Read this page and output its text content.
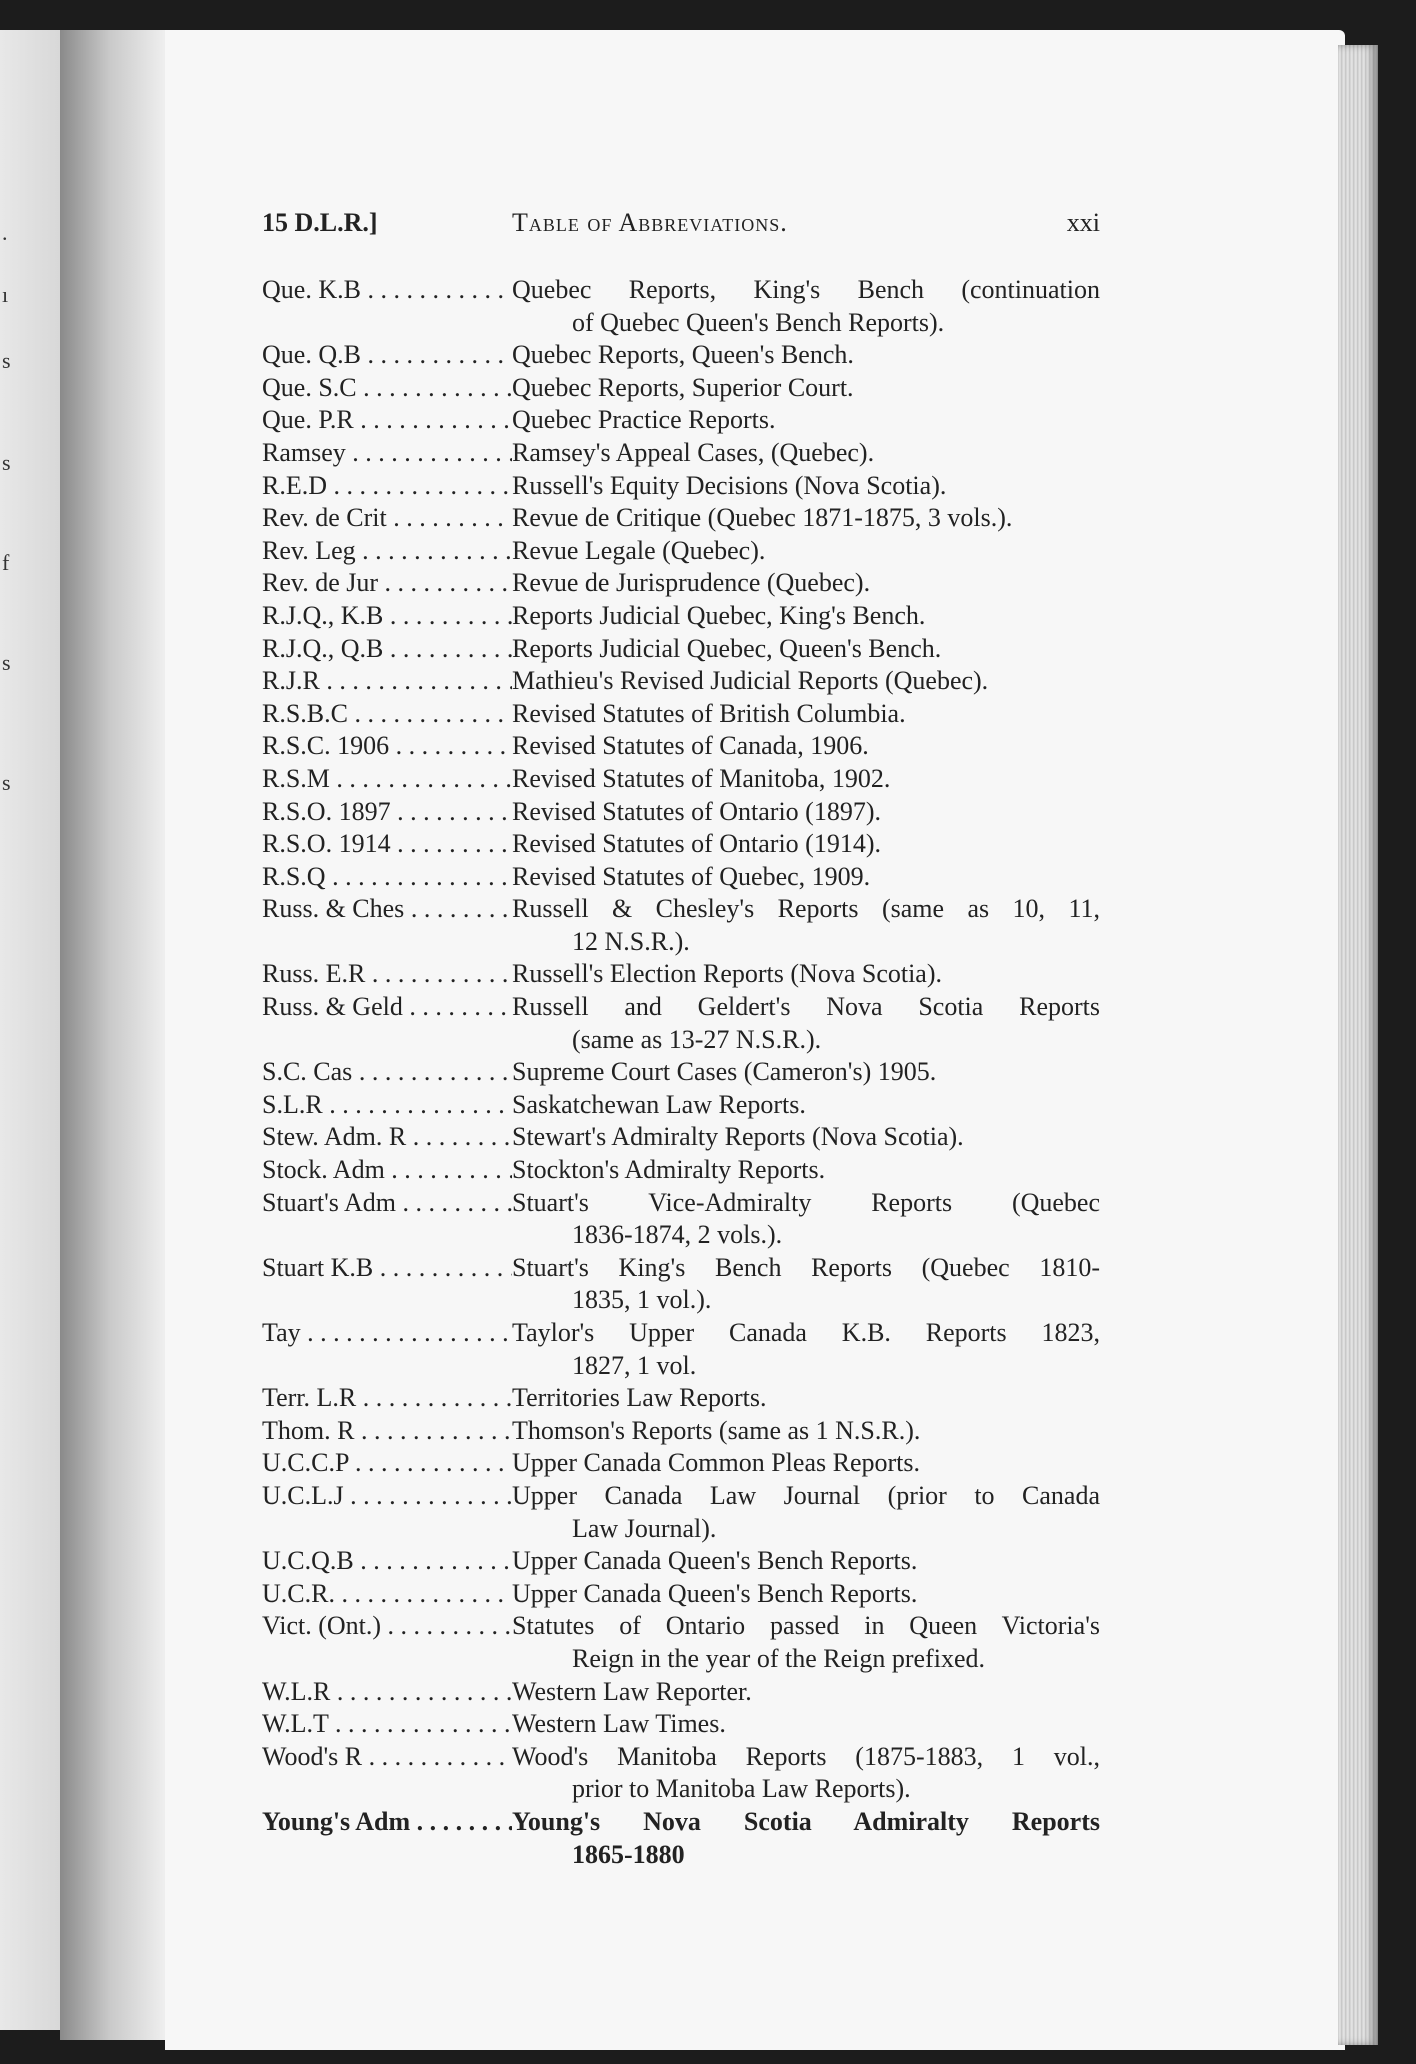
.
ı
s
s
f
s
s
15 D.L.R.]	Table of Abbreviations.	xxi
Que. K.B . . .	Quebec Reports, King's Bench (continuation
of Quebec Queen's Bench Reports).
Que. Q.B . . .	Quebec Reports, Queen's Bench.
Que. S.C . . .	Quebec Reports, Superior Court.
Que. P.R . . .	Quebec Practice Reports.
Ramsey . . .	Ramsey's Appeal Cases, (Quebec).
R.E.D . . .	Russell's Equity Decisions (Nova Scotia).
Rev. de Crit . . .	Revue de Critique (Quebec 1871-1875, 3 vols.).
Rev. Leg . . .	Revue Legale (Quebec).
Rev. de Jur . . .	Revue de Jurisprudence (Quebec).
R.J.Q., K.B . . .	Reports Judicial Quebec, King's Bench.
R.J.Q., Q.B . . .	Reports Judicial Quebec, Queen's Bench.
R.J.R . . .	Mathieu's Revised Judicial Reports (Quebec).
R.S.B.C . . .	Revised Statutes of British Columbia.
R.S.C. 1906 . . .	Revised Statutes of Canada, 1906.
R.S.M . . .	Revised Statutes of Manitoba, 1902.
R.S.O. 1897 . . .	Revised Statutes of Ontario (1897).
R.S.O. 1914 . . .	Revised Statutes of Ontario (1914).
R.S.Q . . .	Revised Statutes of Quebec, 1909.
Russ. & Ches . . .	Russell & Chesley's Reports (same as 10, 11,
12 N.S.R.).
Russ. E.R . . .	Russell's Election Reports (Nova Scotia).
Russ. & Geld . . .	Russell and Geldert's Nova Scotia Reports
(same as 13-27 N.S.R.).
S.C. Cas . . .	Supreme Court Cases (Cameron's) 1905.
S.L.R . . .	Saskatchewan Law Reports.
Stew. Adm. R . . .	Stewart's Admiralty Reports (Nova Scotia).
Stock. Adm . . .	Stockton's Admiralty Reports.
Stuart's Adm . . .	Stuart's Vice-Admiralty Reports (Quebec
1836-1874, 2 vols.).
Stuart K.B . . .	Stuart's King's Bench Reports (Quebec 1810-
1835, 1 vol.).
Tay . . .	Taylor's Upper Canada K.B. Reports 1823,
1827, 1 vol.
Terr. L.R . . .	Territories Law Reports.
Thom. R . . .	Thomson's Reports (same as 1 N.S.R.).
U.C.C.P . . .	Upper Canada Common Pleas Reports.
U.C.L.J . . .	Upper Canada Law Journal (prior to Canada
Law Journal).
U.C.Q.B . . .	Upper Canada Queen's Bench Reports.
U.C.R. . . .	Upper Canada Queen's Bench Reports.
Vict. (Ont.) . . .	Statutes of Ontario passed in Queen Victoria's
Reign in the year of the Reign prefixed.
W.L.R . . .	Western Law Reporter.
W.L.T . . .	Western Law Times.
Wood's R . . .	Wood's Manitoba Reports (1875-1883, 1 vol.,
prior to Manitoba Law Reports).
Young's Adm . . .	Young's Nova Scotia Admiralty Reports
1865-1880
